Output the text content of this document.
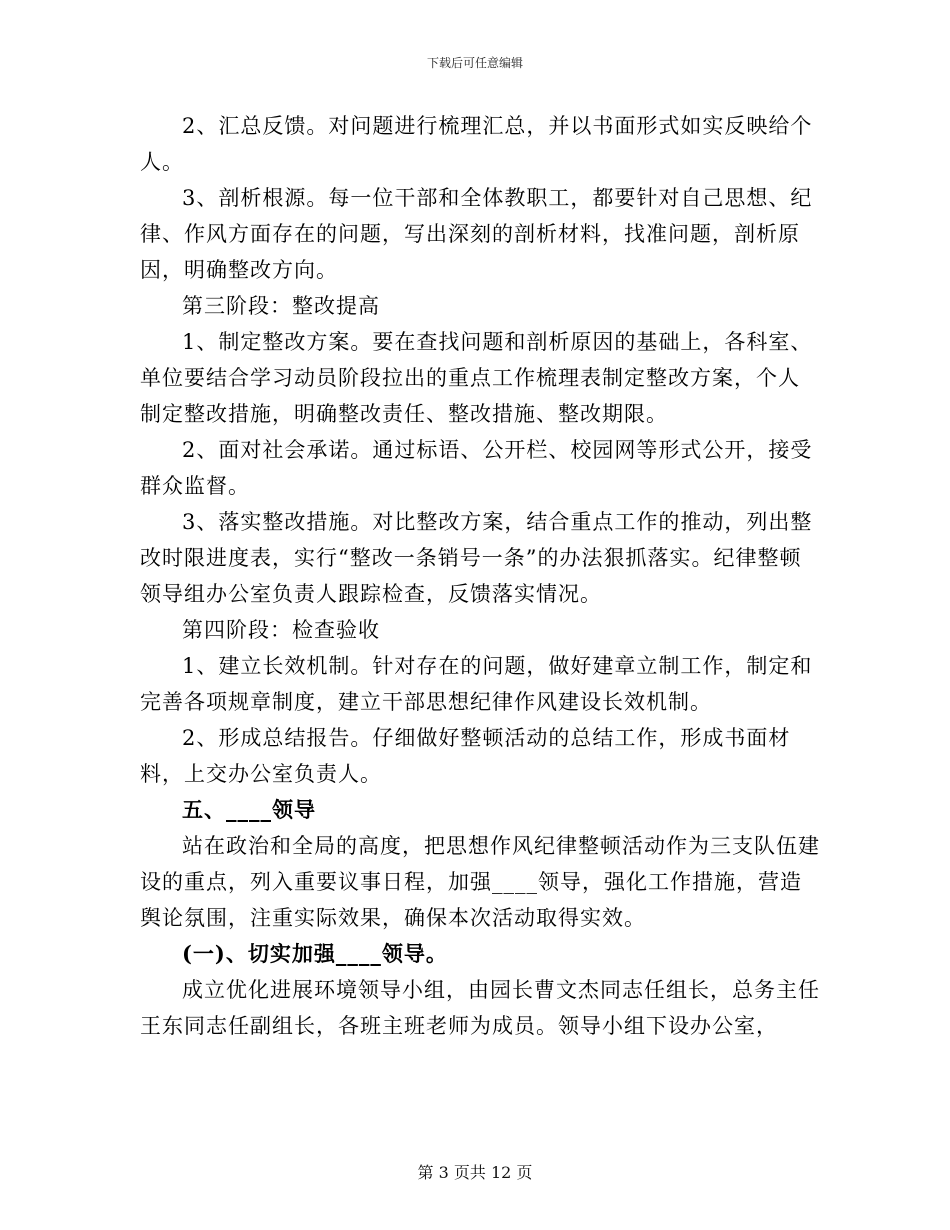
下载后可任意编辑

2、汇总反馈。对问题进行梳理汇总，并以书面形式如实反映给个人。

3、剖析根源。每一位干部和全体教职工，都要针对自己思想、纪律、作风方面存在的问题，写出深刻的剖析材料，找准问题，剖析原因，明确整改方向。

第三阶段：整改提高

1、制定整改方案。要在查找问题和剖析原因的基础上，各科室、单位要结合学习动员阶段拉出的重点工作梳理表制定整改方案，个人制定整改措施，明确整改责任、整改措施、整改期限。

2、面对社会承诺。通过标语、公开栏、校园网等形式公开，接受群众监督。

3、落实整改措施。对比整改方案，结合重点工作的推动，列出整改时限进度表，实行“整改一条销号一条”的办法狠抓落实。纪律整顿领导组办公室负责人跟踪检查，反馈落实情况。

第四阶段：检查验收

1、建立长效机制。针对存在的问题，做好建章立制工作，制定和完善各项规章制度，建立干部思想纪律作风建设长效机制。

2、形成总结报告。仔细做好整顿活动的总结工作，形成书面材料，上交办公室负责人。

五、____领导

站在政治和全局的高度，把思想作风纪律整顿活动作为三支队伍建设的重点，列入重要议事日程，加强____领导，强化工作措施，营造舆论氛围，注重实际效果，确保本次活动取得实效。

(一)、切实加强____领导。

成立优化进展环境领导小组，由园长曹文杰同志任组长，总务主任王东同志任副组长，各班主班老师为成员。领导小组下设办公室，

第 3 页共 12 页
